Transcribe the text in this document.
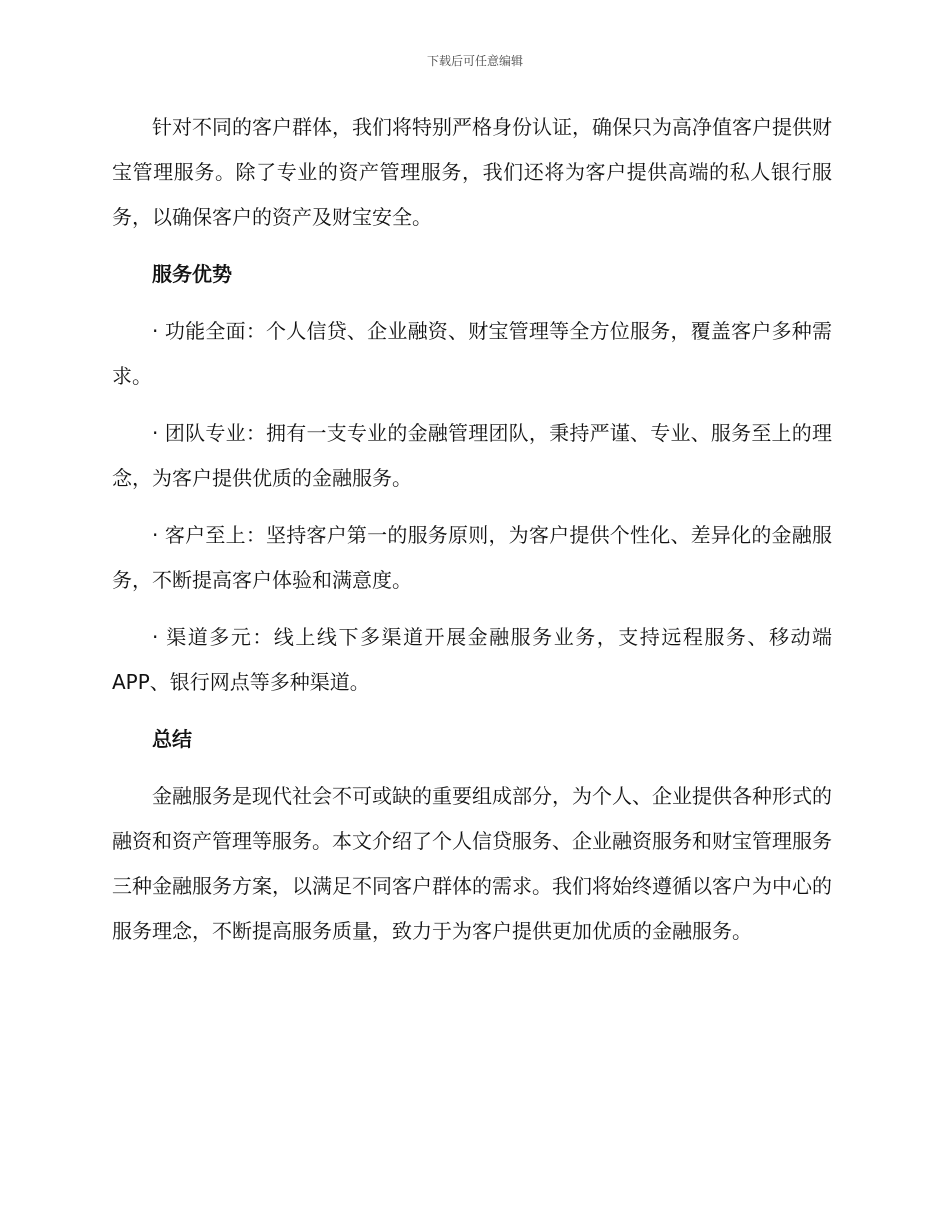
下载后可任意编辑

针对不同的客户群体，我们将特别严格身份认证，确保只为高净值客户提供财宝管理服务。除了专业的资产管理服务，我们还将为客户提供高端的私人银行服务，以确保客户的资产及财宝安全。

服务优势
· 功能全面：个人信贷、企业融资、财宝管理等全方位服务，覆盖客户多种需求。
· 团队专业：拥有一支专业的金融管理团队，秉持严谨、专业、服务至上的理念，为客户提供优质的金融服务。
· 客户至上：坚持客户第一的服务原则，为客户提供个性化、差异化的金融服务，不断提高客户体验和满意度。
· 渠道多元：线上线下多渠道开展金融服务业务，支持远程服务、移动端 APP、银行网点等多种渠道。
总结

金融服务是现代社会不可或缺的重要组成部分，为个人、企业提供各种形式的融资和资产管理等服务。本文介绍了个人信贷服务、企业融资服务和财宝管理服务三种金融服务方案，以满足不同客户群体的需求。我们将始终遵循以客户为中心的服务理念，不断提高服务质量，致力于为客户提供更加优质的金融服务。
